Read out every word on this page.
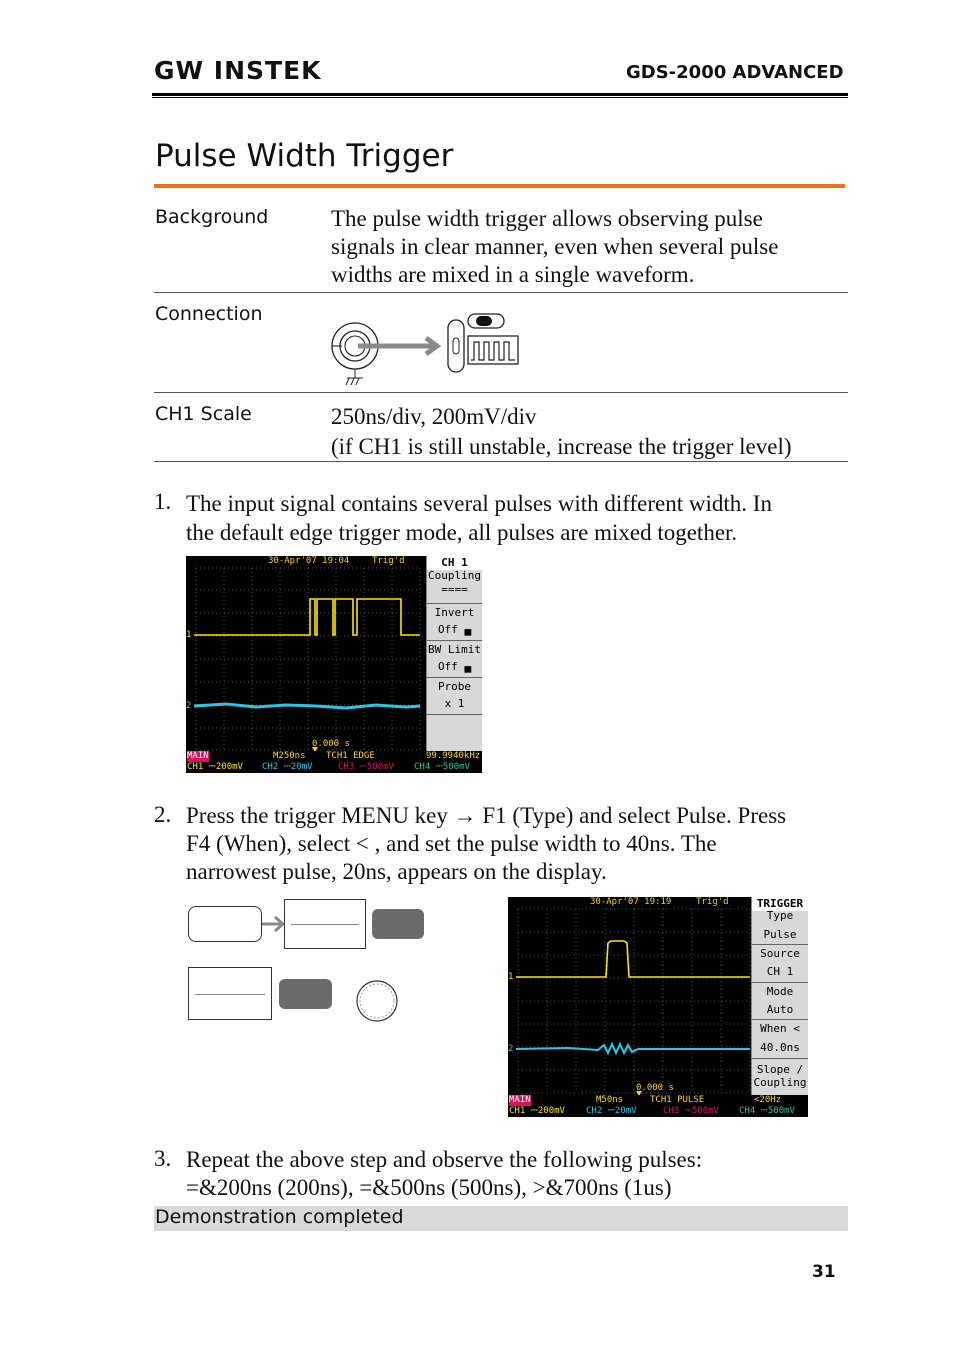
GW INSTEK	GDS-2000 ADVANCED
Pulse Width Trigger
Background	The pulse width trigger allows observing pulse
signals in clear manner, even when several pulse
widths are mixed in a single waveform.
Connection
CH1 Scale	250ns/div, 200mV/div
(if CH1 is still unstable, increase the trigger level)
1. The input signal contains several pulses with different width. In
the default edge trigger mode, all pulses are mixed together.
30-Apr'07 19:04	Trig'd
1
2
0.000 s
MAIN	M250ns TCH1 EDGE	99.9940kHz
CH1 ⎓200mV CH2 ⎓20mV	CH3 ⎓500mV CH4 ⎓500mV
CH 1
Coupling
====
Invert
Off ▄
BW Limit
Off ▄
Probe
x 1
2. Press the trigger MENU key → F1 (Type) and select Pulse. Press
F4 (When), select < , and set the pulse width to 40ns. The
narrowest pulse, 20ns, appears on the display.
30-Apr'07 19:19	Trig'd
1
2
0.000 s
MAIN	M50ns	TCH1 PULSE	<20Hz
CH1 ⎓200mV CH2 ⎓20mV	CH3 ⎓500mV CH4 ⎓500mV
TRIGGER
Type
Pulse
Source
CH 1
Mode
Auto
When <
40.0ns
Slope /
Coupling
3. Repeat the above step and observe the following pulses:
=&200ns (200ns), =&500ns (500ns), >&700ns (1us)
Demonstration completed
31
